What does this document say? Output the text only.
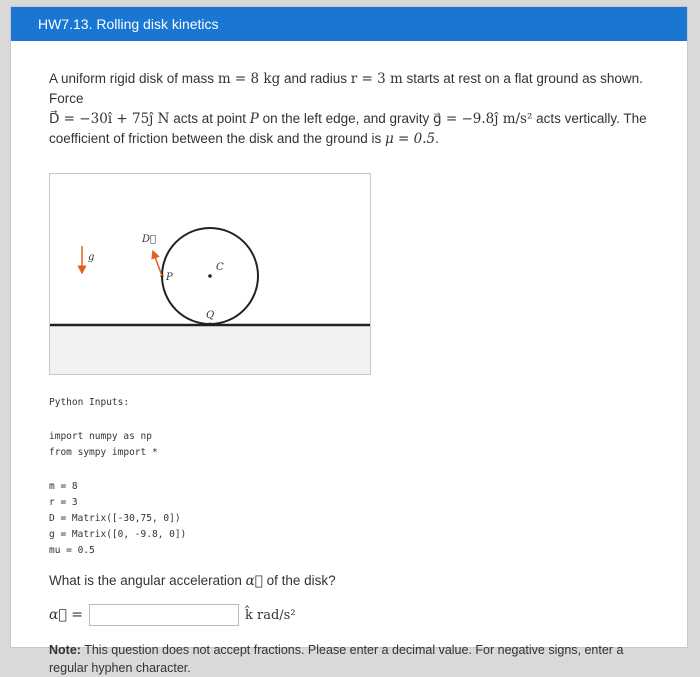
HW7.13. Rolling disk kinetics
A uniform rigid disk of mass m = 8 kg and radius r = 3 m starts at rest on a flat ground as shown. Force
D⃗ = −30ı̂ + 75ȷ̂ N acts at point P on the left edge, and gravity g⃗ = −9.8ȷ̂ m/s² acts vertically. The
coefficient of friction between the disk and the ground is μ = 0.5.
g
D⃗
P
C
Q
Python Inputs:
import numpy as np
from sympy import *
m = 8
r = 3
D = Matrix([-30,75, 0])
g = Matrix([0, -9.8, 0])
mu = 0.5
What is the angular acceleration α⃗ of the disk?
α⃗ =	k̂ rad/s²
Note: This question does not accept fractions. Please enter a decimal value. For negative signs, enter a regular hyphen character.
